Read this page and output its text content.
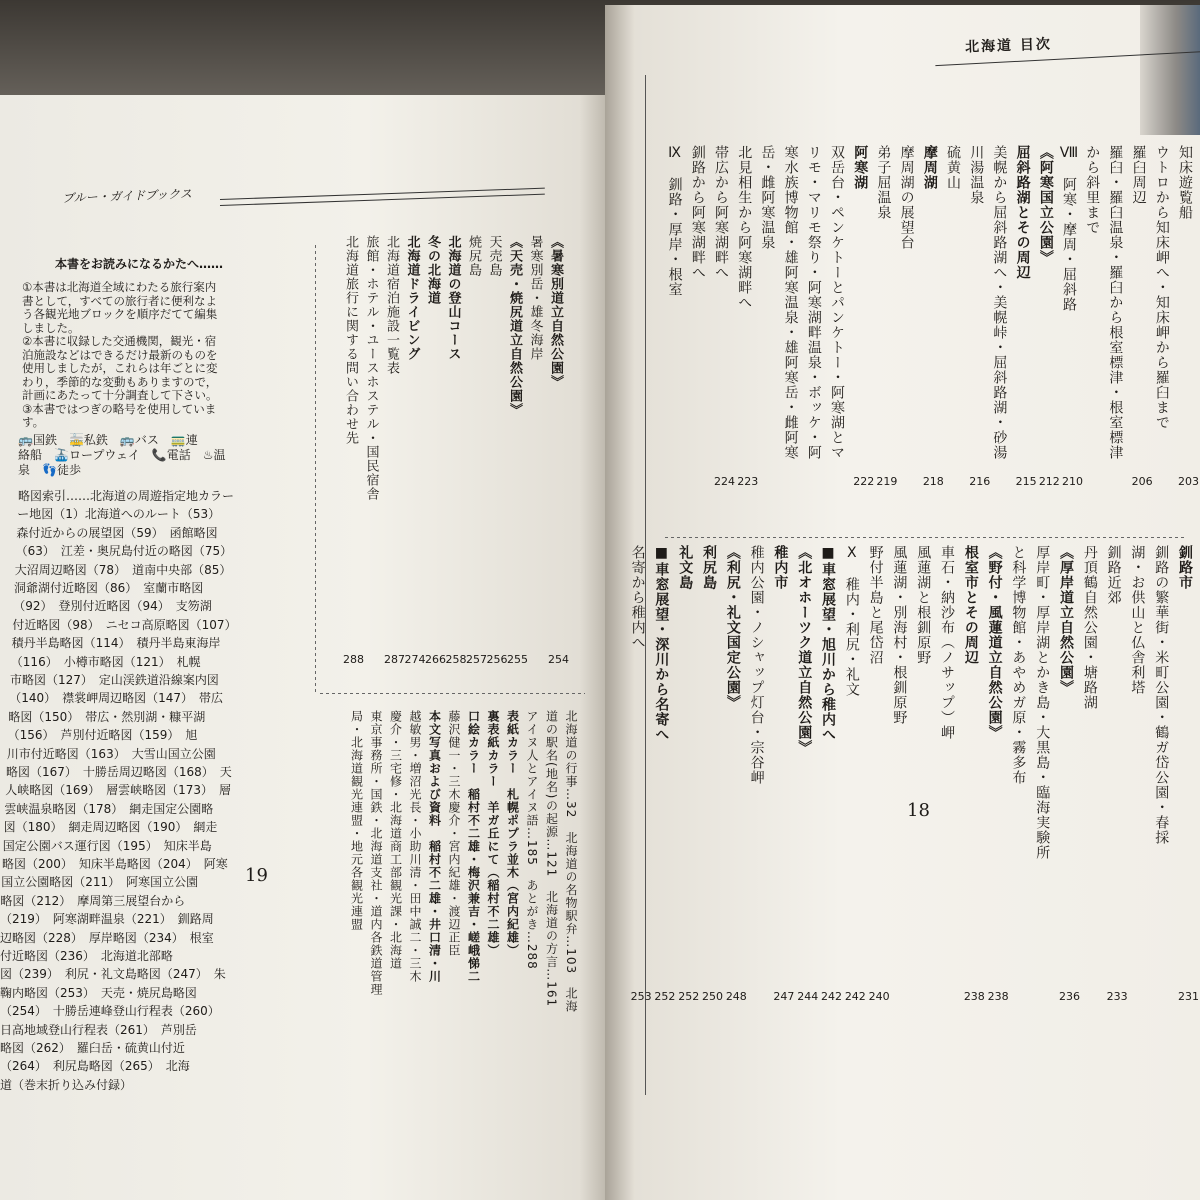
ブルー・ガイドブックス
本書をお読みになるかたへ……
①本書は北海道全域にわたる旅行案内
書として，すべての旅行者に便利なよ
う各観光地ブロックを順序だてて編集
しました。
②本書に収録した交通機関，観光・宿
泊施設などはできるだけ最新のものを
使用しましたが，これらは年ごとに変
わり，季節的な変動もありますので，
計画にあたって十分調査して下さい。
③本書ではつぎの略号を使用していま
す。
🚌国鉄　🚋私鉄　🚌バス　🚃連
絡船　🚠ロープウェイ　📞電話　♨温
泉　👣徒歩
略図索引……北海道の周遊指定地カラー
ー地図（1）北海道へのルート（53）
森付近からの展望図（59）　函館略図
（63）　江差・奥尻島付近の略図（75）
大沼周辺略図（78）　道南中央部（85）
洞爺湖付近略図（86）　室蘭市略図
（92）　登別付近略図（94）　支笏湖
付近略図（98）　ニセコ高原略図（107）
積丹半島略図（114）　積丹半島東海岸
（116）　小樽市略図（121）　札幌
市略図（127）　定山渓鉄道沿線案内図
（140）　襟裳岬周辺略図（147）　帯広
略図（150）　帯広・然別湖・糠平湖
（156）　芦別付近略図（159）　旭
川市付近略図（163）　大雪山国立公園
略図（167）　十勝岳周辺略図（168）　天
人峡略図（169）　層雲峡略図（173）　層
雲峡温泉略図（178）　網走国定公園略
図（180）　網走周辺略図（190）　網走
国定公園バス運行図（195）　知床半島
略図（200）　知床半島略図（204）　阿寒
国立公園略図（211）　阿寒国立公園
略図（212）　摩周第三展望台から
（219）　阿寒湖畔温泉（221）　釧路周
辺略図（228）　厚岸略図（234）　根室
付近略図（236）　北海道北部略
図（239）　利尻・礼文島略図（247）　朱
鞠内略図（253）　天売・焼尻島略図
（254）　十勝岳連峰登山行程表（260）
日高地域登山行程表（261）　芦別岳
略図（262）　羅臼岳・硫黄山付近
（264）　利尻島略図（265）　北海
道（巻末折り込み付録）
《暑寒別道立自然公園》
254
暑寒別岳・雄冬海岸
《天売・焼尻道立自然公園》
255
天売島
256
焼尻島
257
北海道の登山コース
258
冬の北海道
266
北海道ドライビング
274
北海道宿泊施設一覧表
287
旅館・ホテル・ユースホステル・国民宿舎
北海道旅行に関する問い合わせ先
288
北海道の行事…32　北海道の名物駅弁…103　北海
道の駅名(地名)の起源…121　北海道の方言…161
アイヌ人とアイヌ語…185　あとがき…288
表紙カラー　札幌ポプラ並木（宮内紀雄）
裏表紙カラー　羊ガ丘にて（稲村不二雄）
口絵カラー　稲村不二雄・梅沢兼吉・嵯峨悌二
藤沢健一・三木慶介・宮内紀雄・渡辺正臣
本文写真および資料　稲村不二雄・井口清・川
越敏男・増沼光長・小助川清・田中誠二・三木
慶介・三宅修・北海道商工部観光課・北海道
東京事務所・国鉄・北海道支社・道内各鉄道管理
局・北海道観光連盟・地元各観光連盟
19
北海道 目次
知床遊覧船
203
ウトロから知床岬へ・知床岬から羅臼まで
羅臼周辺
206
羅臼・羅臼温泉・羅臼から根室標津・根室標津
から斜里まで
Ⅷ　阿寒・摩周・屈斜路
210
《阿寒国立公園》
212
屈斜路湖とその周辺
215
美幌から屈斜路湖へ・美幌峠・屈斜路湖・砂湯
川湯温泉
216
硫黄山
摩周湖
218
摩周湖の展望台
弟子屈温泉
219
阿寒湖
222
双岳台・ペンケトーとパンケトー・阿寒湖とマ
リモ・マリモ祭り・阿寒湖畔温泉・ボッケ・阿
寒水族博物館・雄阿寒温泉・雄阿寒岳・雌阿寒
岳・雌阿寒温泉
北見相生から阿寒湖畔へ
223
帯広から阿寒湖畔へ
224
釧路から阿寒湖畔へ
Ⅸ　釧路・厚岸・根室
釧路市
231
釧路の繁華街・米町公園・鶴ガ岱公園・春採
湖・お供山と仏舎利塔
釧路近郊
233
丹頂鶴自然公園・塘路湖
《厚岸道立自然公園》
236
厚岸町・厚岸湖とかき島・大黒島・臨海実験所
と科学博物館・あやめガ原・霧多布
《野付・風蓮道立自然公園》
238
根室市とその周辺
238
車石・納沙布（ノサップ）岬
風蓮湖と根釧原野
風蓮湖・別海村・根釧原野
野付半島と尾岱沼
240
Ⅹ　稚内・利尻・礼文
242
■車窓展望・旭川から稚内へ
242
《北オホーツク道立自然公園》
244
稚内市
247
稚内公園・ノシャップ灯台・宗谷岬
《利尻・礼文国定公園》
248
利尻島
250
礼文島
252
■車窓展望・深川から名寄へ
252
名寄から稚内へ
253
18
